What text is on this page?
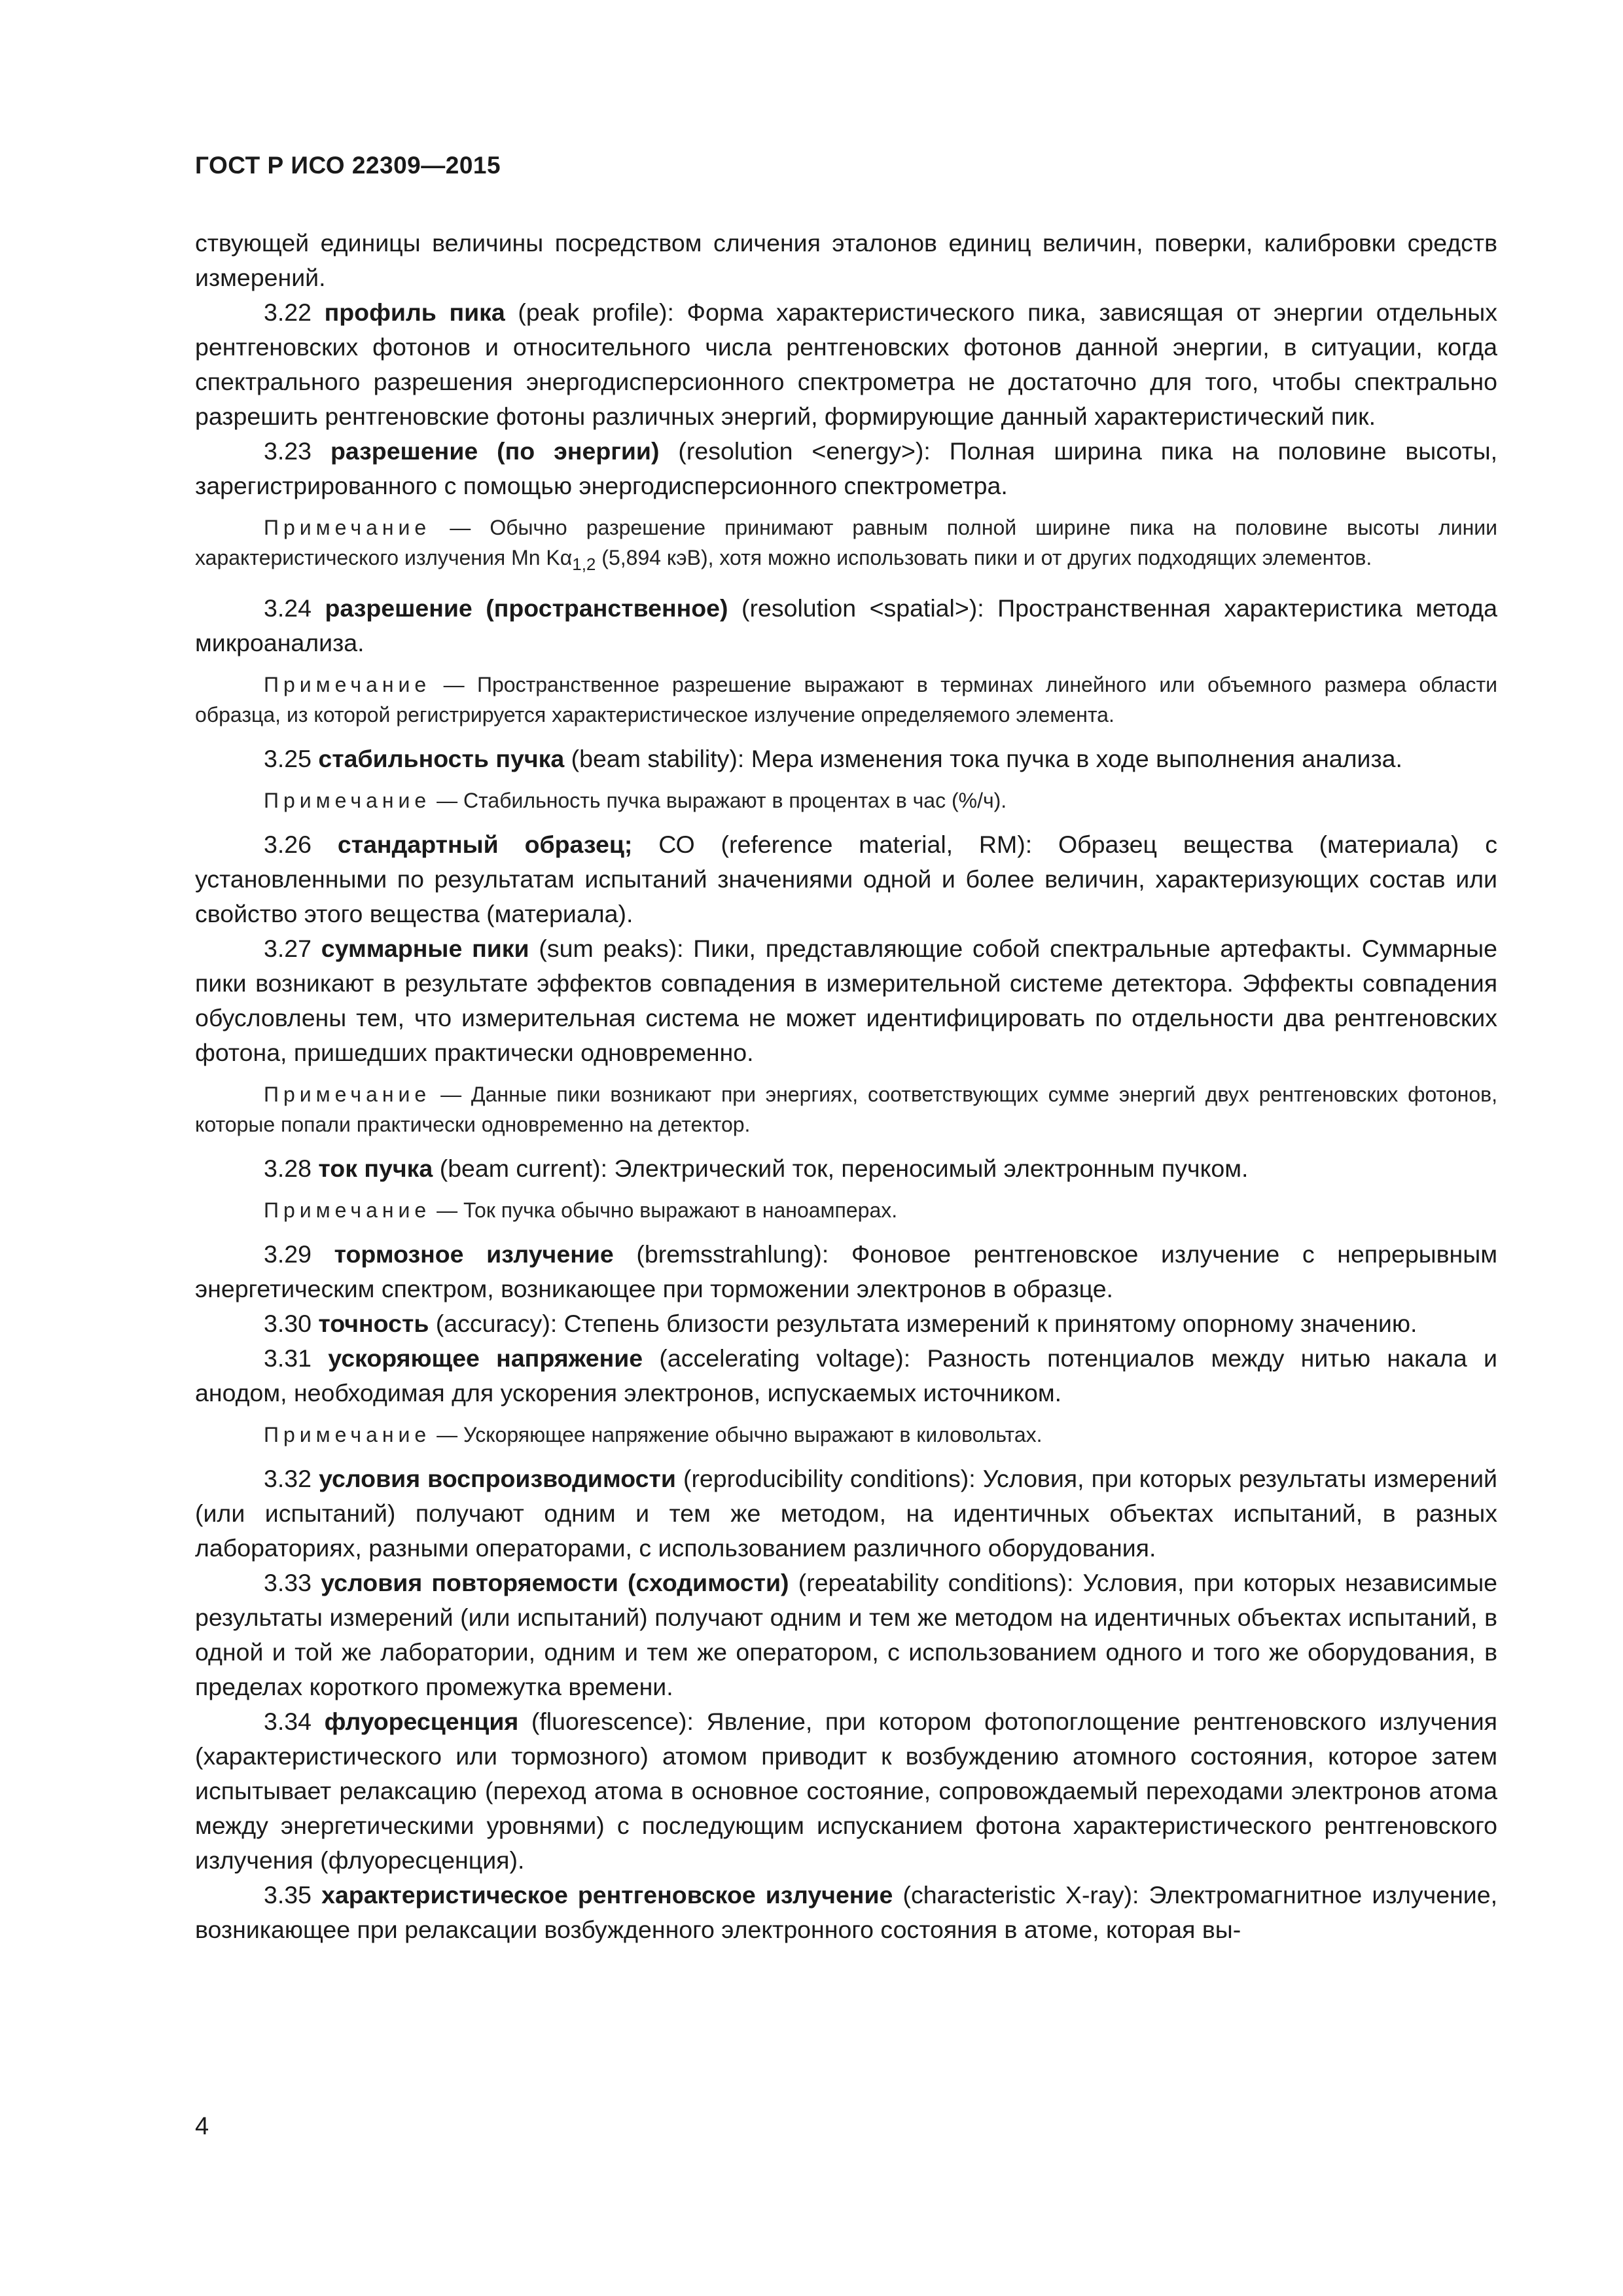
ГОСТ Р ИСО 22309—2015

ствующей единицы величины посредством сличения эталонов единиц величин, поверки, калибровки средств измерений.

3.22 профиль пика (peak profile): Форма характеристического пика, зависящая от энергии отдельных рентгеновских фотонов и относительного числа рентгеновских фотонов данной энергии, в ситуации, когда спектрального разрешения энергодисперсионного спектрометра не достаточно для того, чтобы спектрально разрешить рентгеновские фотоны различных энергий, формирующие данный характеристический пик.

3.23 разрешение (по энергии) (resolution <energy>): Полная ширина пика на половине высоты, зарегистрированного с помощью энергодисперсионного спектрометра.

Примечание — Обычно разрешение принимают равным полной ширине пика на половине высоты линии характеристического излучения Mn $K\alpha_{1,2}$ (5,894 кэВ), хотя можно использовать пики и от других подходящих элементов.

3.24 разрешение (пространственное) (resolution <spatial>): Пространственная характеристика метода микроанализа.

Примечание — Пространственное разрешение выражают в терминах линейного или объемного размера области образца, из которой регистрируется характеристическое излучение определяемого элемента.

3.25 стабильность пучка (beam stability): Мера изменения тока пучка в ходе выполнения анализа.

Примечание — Стабильность пучка выражают в процентах в час (%/ч).

3.26 стандартный образец; СО (reference material, RM): Образец вещества (материала) с установленными по результатам испытаний значениями одной и более величин, характеризующих состав или свойство этого вещества (материала).

3.27 суммарные пики (sum peaks): Пики, представляющие собой спектральные артефакты. Суммарные пики возникают в результате эффектов совпадения в измерительной системе детектора. Эффекты совпадения обусловлены тем, что измерительная система не может идентифицировать по отдельности два рентгеновских фотона, пришедших практически одновременно.

Примечание — Данные пики возникают при энергиях, соответствующих сумме энергий двух рентгеновских фотонов, которые попали практически одновременно на детектор.

3.28 ток пучка (beam current): Электрический ток, переносимый электронным пучком.

Примечание — Ток пучка обычно выражают в наноамперах.

3.29 тормозное излучение (bremsstrahlung): Фоновое рентгеновское излучение с непрерывным энергетическим спектром, возникающее при торможении электронов в образце.

3.30 точность (accuracy): Степень близости результата измерений к принятому опорному значению.

3.31 ускоряющее напряжение (accelerating voltage): Разность потенциалов между нитью накала и анодом, необходимая для ускорения электронов, испускаемых источником.

Примечание — Ускоряющее напряжение обычно выражают в киловольтах.

3.32 условия воспроизводимости (reproducibility conditions): Условия, при которых результаты измерений (или испытаний) получают одним и тем же методом, на идентичных объектах испытаний, в разных лабораториях, разными операторами, с использованием различного оборудования.

3.33 условия повторяемости (сходимости) (repeatability conditions): Условия, при которых независимые результаты измерений (или испытаний) получают одним и тем же методом на идентичных объектах испытаний, в одной и той же лаборатории, одним и тем же оператором, с использованием одного и того же оборудования, в пределах короткого промежутка времени.

3.34 флуоресценция (fluorescence): Явление, при котором фотопоглощение рентгеновского излучения (характеристического или тормозного) атомом приводит к возбуждению атомного состояния, которое затем испытывает релаксацию (переход атома в основное состояние, сопровождаемый переходами электронов атома между энергетическими уровнями) с последующим испусканием фотона характеристического рентгеновского излучения (флуоресценция).

3.35 характеристическое рентгеновское излучение (characteristic X-ray): Электромагнитное излучение, возникающее при релаксации возбужденного электронного состояния в атоме, которая вы-

4
